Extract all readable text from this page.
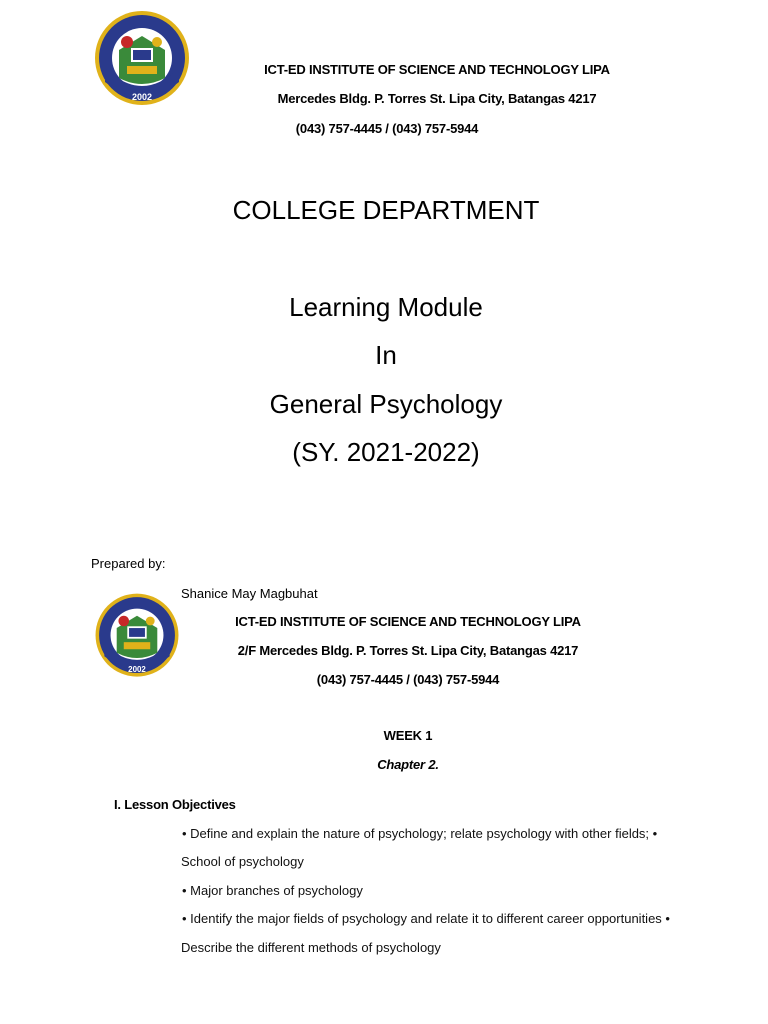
2002
ICT-ED INSTITUTE OF SCIENCE AND TECHNOLOGY LIPA
Mercedes Bldg. P. Torres St. Lipa City, Batangas 4217
(043) 757-4445 / (043) 757-5944
COLLEGE DEPARTMENT
Learning Module
In
General Psychology
(SY. 2021-2022)
Prepared by:
Shanice May Magbuhat
2002
ICT-ED INSTITUTE OF SCIENCE AND TECHNOLOGY LIPA
2/F Mercedes Bldg. P. Torres St. Lipa City, Batangas 4217
(043) 757-4445 / (043) 757-5944
WEEK 1
Chapter 2.
I. Lesson Objectives
• Define and explain the nature of psychology; relate psychology with other fields; •
School of psychology
• Major branches of psychology
• Identify the major fields of psychology and relate it to different career opportunities •
Describe the different methods of psychology
